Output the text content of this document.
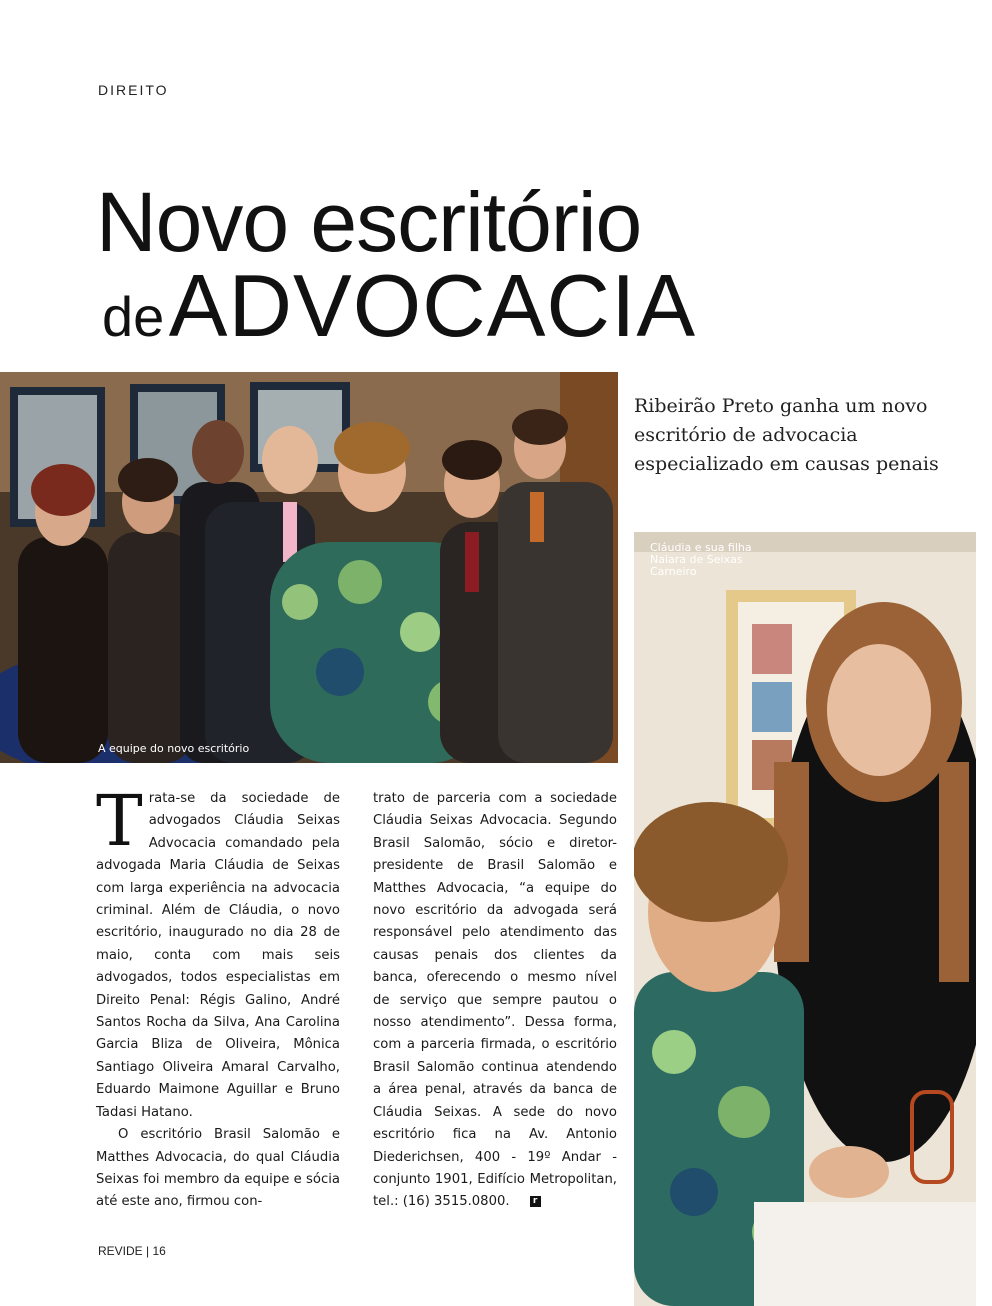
DIREITO
Novo escritório
de ADVOCACIA
A equipe do novo escritório
Ribeirão Preto ganha um novo escritório de advocacia especializado em causas penais
Cláudia e sua filha Naiara de Seixas Carneiro

Trata-se da sociedade de advogados Cláudia Seixas Advocacia comandado pela advogada Maria Cláudia de Seixas com larga experiência na advocacia criminal. Além de Cláudia, o novo escritório, inaugurado no dia 28 de maio, conta com mais seis advogados, todos especialistas em Direito Penal: Régis Galino, André Santos Rocha da Silva, Ana Carolina Garcia Bliza de Oliveira, Mônica Santiago Oliveira Amaral Carvalho, Eduardo Maimone Aguillar e Bruno Tadasi Hatano.

O escritório Brasil Salomão e Matthes Advocacia, do qual Cláudia Seixas foi membro da equipe e sócia até este ano, firmou con-

trato de parceria com a sociedade Cláudia Seixas Advocacia. Segundo Brasil Salomão, sócio e diretor-presidente de Brasil Salomão e Matthes Advocacia, “a equipe do novo escritório da advogada será responsável pelo atendimento das causas penais dos clientes da banca, oferecendo o mesmo nível de serviço que sempre pautou o nosso atendimento”. Dessa forma, com a parceria firmada, o escritório Brasil Salomão continua atendendo a área penal, através da banca de Cláudia Seixas. A sede do novo escritório fica na Av. Antonio Diederichsen, 400 - 19º Andar - conjunto 1901, Edifício Metropolitan, tel.: (16) 3515.0800.	r

REVIDE | 16
